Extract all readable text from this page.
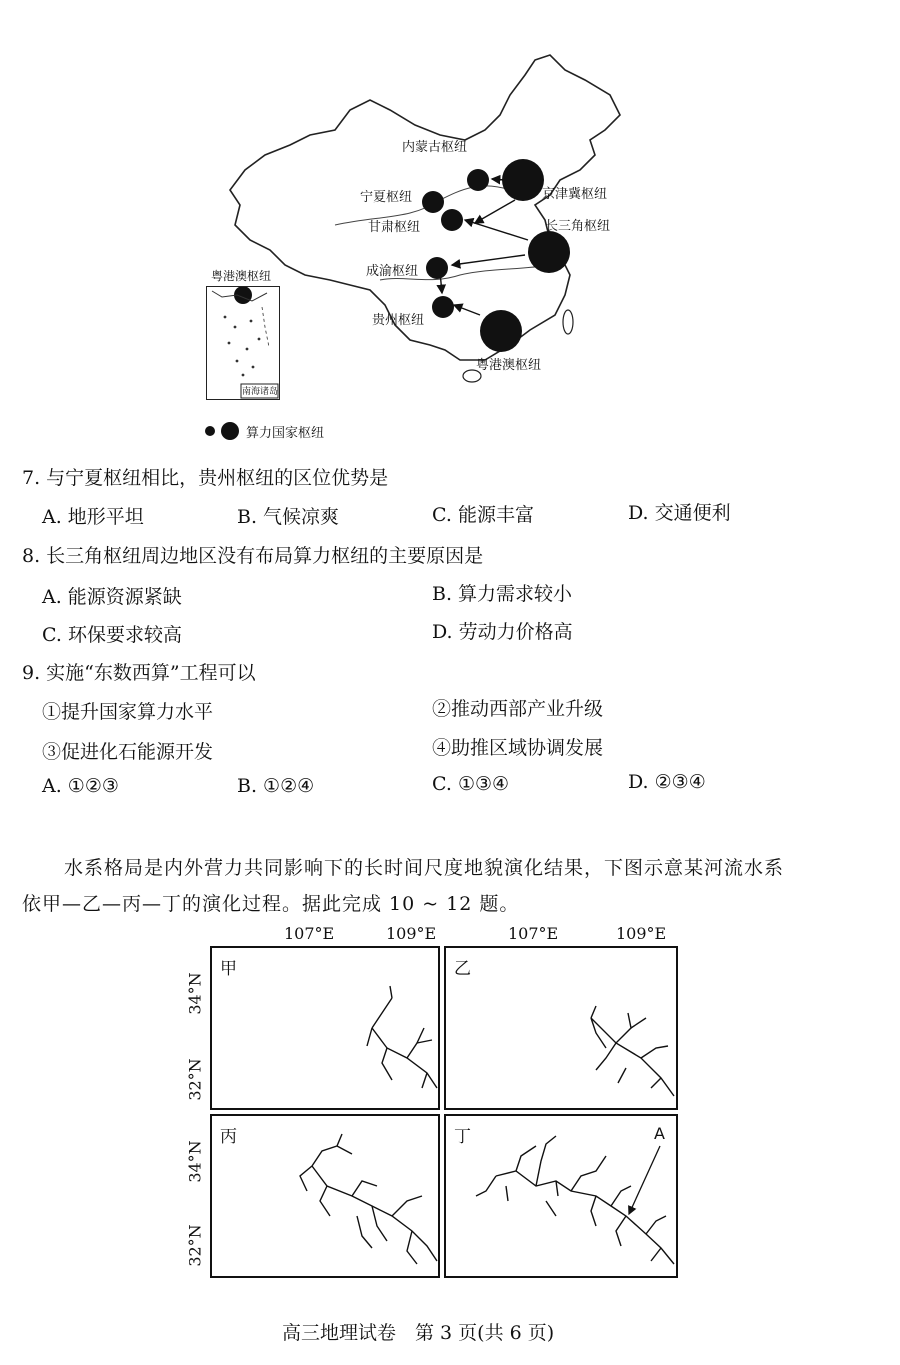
内蒙古枢纽
京津冀枢纽
宁夏枢纽
甘肃枢纽	长三角枢纽
成渝枢纽
贵州枢纽
粤港澳枢纽
粤港澳枢纽
南海诸岛
算力国家枢纽
7. 与宁夏枢纽相比，贵州枢纽的区位优势是
A. 地形平坦	B. 气候凉爽	C. 能源丰富	D. 交通便利
8. 长三角枢纽周边地区没有布局算力枢纽的主要原因是
A. 能源资源紧缺	B. 算力需求较小
C. 环保要求较高	D. 劳动力价格高
9. 实施“东数西算”工程可以
①提升国家算力水平	②推动西部产业升级
③促进化石能源开发	④助推区域协调发展
A. ①②③	B. ①②④	C. ①③④	D. ②③④
水系格局是内外营力共同影响下的长时间尺度地貌演化结果，下图示意某河流水系
依甲—乙—丙—丁的演化过程。据此完成 10 ~ 12 题。
107°E	109°E	107°E	109°E
34°N
32°N
34°N
32°N
甲	乙
丙	丁	A
高三地理试卷　第 3 页(共 6 页)
